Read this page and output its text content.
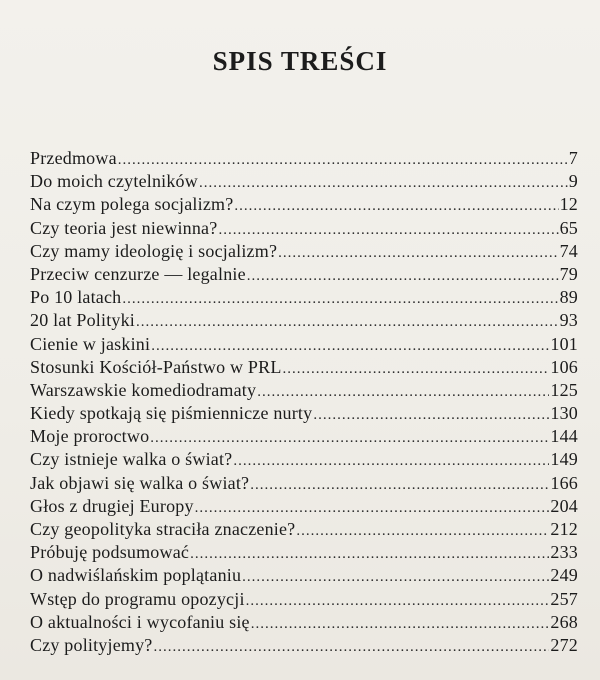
SPIS TREŚCI
Przedmowa .....	7
Do moich czytelników .....	9
Na czym polega socjalizm? .....	12
Czy teoria jest niewinna? .....	65
Czy mamy ideologię i socjalizm? .....	74
Przeciw cenzurze — legalnie .....	79
Po 10 latach .....	89
20 lat Polityki .....	93
Cienie w jaskini .....	101
Stosunki Kościół-Państwo w PRL .....	106
Warszawskie komediodramaty .....	125
Kiedy spotkają się piśmiennicze nurty .....	130
Moje proroctwo .....	144
Czy istnieje walka o świat? .....	149
Jak objawi się walka o świat? .....	166
Głos z drugiej Europy .....	204
Czy geopolityka straciła znaczenie? .....	212
Próbuję podsumować .....	233
O nadwiślańskim poplątaniu .....	249
Wstęp do programu opozycji .....	257
O aktualności i wycofaniu się .....	268
Czy polityjemy? .....	272
